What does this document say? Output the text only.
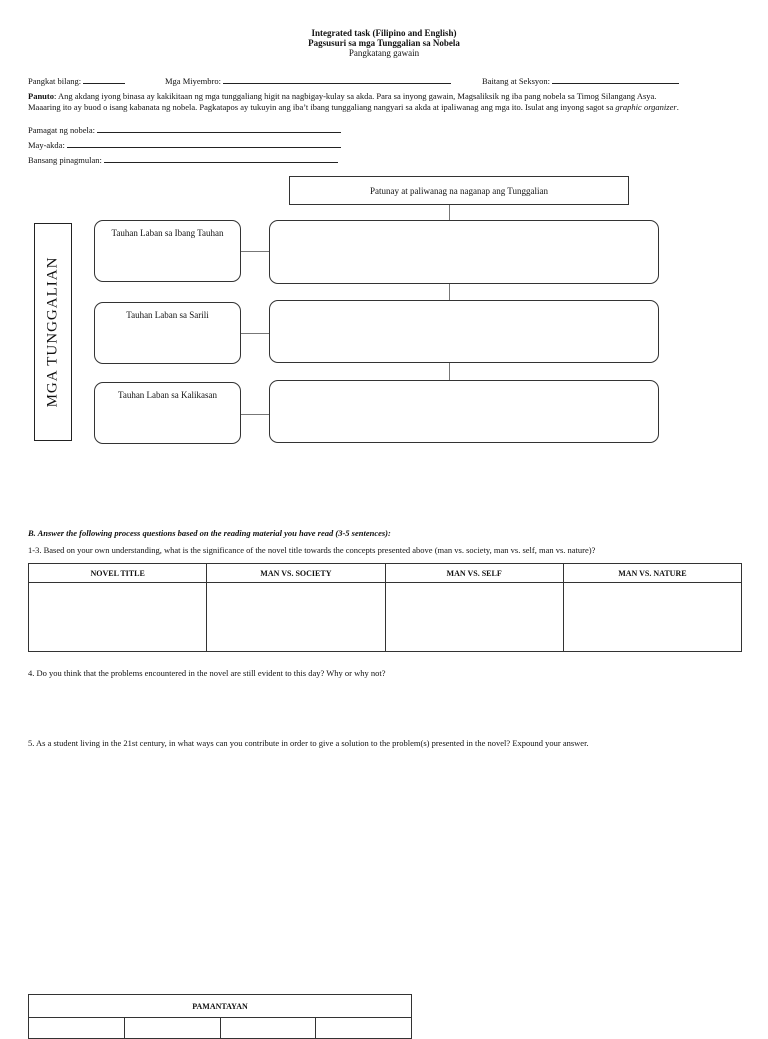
Integrated task (Filipino and English)
Pagsusuri sa mga Tunggalian sa Nobela
Pangkatang gawain
Pangkat bilang:	Mga Miyembro:	Baitang at Seksyon:
Panuto: Ang akdang iyong binasa ay kakikitaan ng mga tunggaliang higit na nagbigay-kulay sa akda. Para sa inyong gawain, Magsaliksik ng iba pang nobela sa Timog Silangang Asya.
Maaaring ito ay buod o isang kabanata ng nobela. Pagkatapos ay tukuyin ang iba’t ibang tunggaliang nangyari sa akda at ipaliwanag ang mga ito. Isulat ang inyong sagot sa graphic organizer.
Pamagat ng nobela:
May-akda:
Bansang pinagmulan:
Patunay at paliwanag na naganap ang Tunggalian
MGA TUNGGALIAN
Tauhan Laban sa Ibang Tauhan
Tauhan Laban sa Sarili
Tauhan Laban sa Kalikasan
B. Answer the following process questions based on the reading material you have read (3-5 sentences):
1-3. Based on your own understanding, what is the significance of the novel title towards the concepts presented above (man vs. society, man vs. self, man vs. nature)?
NOVEL TITLE	MAN VS. SOCIETY	MAN VS. SELF	MAN VS. NATURE

4. Do you think that the problems encountered in the novel are still evident to this day? Why or why not?
5. As a student living in the 21st century, in what ways can you contribute in order to give a solution to the problem(s) presented in the novel? Expound your answer.
PAMANTAYAN
